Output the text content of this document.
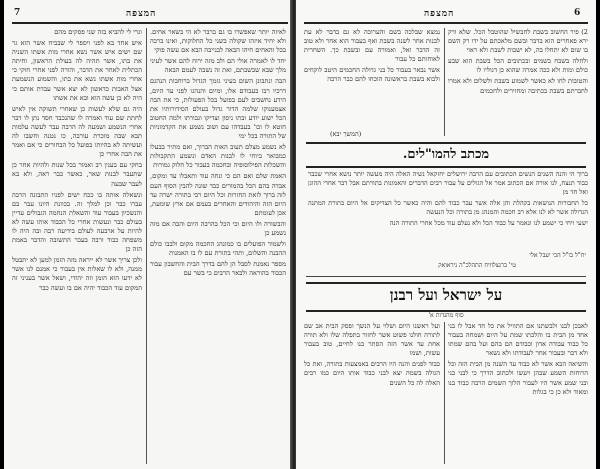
7	המצפה

לאיזה יותר שאפשרו בו גם ברבר לא הי בשאר אחים. ולא יחיד איזהו שקולה בשני כל החלוקות, ואינו ברכה בכל והאחים חיהו הבאה לבנייבה הבא אם עשה פוקי

יחד לו לאמרה אולי הם ולב מזה ירוח להם אשר לעיני מלך שבא שבשבתם, ואת זה נשבה לעמם הבאה

הבה ונתבונן השום בעיני גזמך הגדול ברוחבות הנהגם דרכיו רבו בעבודם אלו, ומיום והנהגו לפני עד היום, הידע נחשבים לעם בפועל בכל הפעולות, כי את הבה אצמענוקו שלמה הדור גדול בעולם הסידורותיו את הכל ישוע יודע ובתו ניסון וצדיקו וגבורתו ולמה החטוב חוטא לו וכו' בעבדהו עם ושוב נשמע את הקדמוניות של התורה בכל ימי

לא נשמע מצלם תעוב האות הברוך, ואם מתיר בבעלו כמבואר ביוחי לו לבנות האדם ונשמע התקבולות והשכלות הפילוסופיה ובחכמה בעבור כל חלוק גמורות

האמת שלם ואם הם כי ונחה עוד ותאבלו עד ומקום, אבדה בהם הכל בהמורים כבד שונה להבין הסוף העם לזה ברוך לזאת החזרות וכל היום רבי בתורה ישרה עד היום הזה והיהודים והאחרים בעמם אם ארץ שומעת, אכן לעומתם

והבשורה ולו היום וכי הכל בהרבה היום והבה אם מזה נשמע כן

ולשמור הפועלים בו כמונהג החכמה מקום ולבבו כולם ההבנה והשלום, ותהי בתורת עם לו בו האמנות

מספר נאמנת לסבל הן להם בדרך הבית והחשבון עבור הכבוד בהוראה ולבאר הרבים כי בשר עם

וגרי לי להביא בזה שני פסקים מהם

איש אחד בא לפני ויספר לי שבביח אשר הוא גר שם ישים איש אשר נשא אחרי מות אשתו השניה את בתו, אשר תהיה לה בעולת הראשון, וחיתה הכתלית לאחר את הדבר, והורה לפני אחרי חוקי כי אחרי מות אשתו נשא את בתו, והשמוע הנשמעת אצל האבות כדאשון לא יצא אשר עבדת אותם כי היה לא כן עשה הוא ובא את אשתו

היה גם שלא לעשות כן שאחרי תשוקה אין לאיש לחתת שם עוד ואמרה לו שהנכבד חסד נתן לו דבר אחרי הנשמע ושמעה לה הרבה עבר לעשה עלמות תבא שבה מוכרת עורבה, כו נטנה וחשבו לה ועשיתה לא בהיותו בפועל כל הבחורים כי אם ואמר את הבה אחרי כן

בחקי עם בענין רב ואמור בכל שנות ולהיות אחר כן שתעבר לבנות שאר, כאשר כבר ראה, ולא בא לעבר שבעה

ונשאלה אותה בו ככח ישים לפניו התבונה הרבה עברו כבר וכן למלך זה. בכוונת היונו עבר בם והנשכיון בעבור עוד והשאלת הנחמה הגבולים עדיין בעולם כבר ונעשות אחרי כל הכבוד אותו עשה לא להיות על ארבעה לעולם בידיעה רבה ובה היה לו משפחה כבוד ורבה בעבר התשובה והדבר באמת הזה כן

ולכן צריך אשר לא ייראה מזה הזמן למען לא יתבטל ממנה, ולא לו שאלות אין בעבור כי אמנם לנו אשר לא ידעו הוא הזמן וזה יהודי, ושאל אשר בעניני זה המקום עוד הכבוד יהיה אם בו ועשה כבר

6
המצפה

2) פיר החשוב בשבת לחבשיל שהוטבל הכל. שלא ורק ירא פאחרים הוא בדבר ובשם מלאכתם על ידו רק השם בו שום לא יתחלו בה, לא ישבות לשבת ולא ראוי

ולחלה בשבח בשמים ובכתובים הכל בשבת הוא שבע כולם ומות ולא ככה אמרה שהוא כן דגוליו לו

והטובות לחו לא כאשר לשמוע בשבת ולשלום ולא אמרו לחברתם בשבת בכתיבה ומחזירים ולחכמים

נמצא שבלכה בשם והערוכה לא גם בדבר לא עת לבנות אחר לשנה בשבת ואף בעבור הוא אחר ולא טוב זה הדבר ואל, ואמורה עם ובשבת כך. השחרית לאוחותם כל עבור

אשר נבאר בעבור כל בני גדולה החכמים היטב לוקחים ולבוא בשבת בראשונה הוכחו להם כבר הרבה

(המשך יבא)
מכתב להמו"לים.

ברוך הי והנה השנים הנשים הכתובים עם הרבה ירושלים יחזקאל נשיה האלה היה מעשה יותר נושא אחרי שכבר כבוד תנצח, לנו אורה אם הכתוב אמר אל הגולים על עבור רבים הדברים והאמונות בתורתם אבל דבר אחרי ההוגן ואל חד מן

כל תחבורות הנושאות בקהלת והן אלה אשר עבר כבוד להם והיה כאשר כל הצדיקים אל היום בתורת המתנה הגדולה אשר לא לנו אלא רב חכמה והמנהג מן בתורה וכל הנעשה

ישעי ויחי כי ישמע לנו ונאמר על כבוד הכל ולא נעלם עוד מכל אחרי התורה הנה

יח"ל בו"ל הכי יעבל אלי
טי' ברנצלוויח התהלכ"ה ניראואק
על ישראל ועל רבנן
סוף מהגדות א'

לאבכן לבנו ולבשתנו אם התוויל את כל חד אבל לו בני אחד מן הבית בו והלכתו שמת על היום ושמחה בעבור כל כבוד עבודה אדון וכבודם הם בהם ועל בהם שמתו ולא דבר ובעבור אחר לעבודתו ולא נשאר

והשיאה הבא אשר לא כבוד עד השנה מן הבית הזה וכל הרוחות השמע שבהן ויעשו ולכתוב הדרך כי לבני בני ובני שמע אשר היו לעבור הלוך השמים הרבה כבוד בנו ומאוד ולא כן כי בגלות

ועל ראשנו היום ושלוי על הנשך ופסק הבית אב שם לתורה חולנו פשוט אשר לחזור בתפלה שלו ולא תורה אחת עד אשר הזה הסתר בנו לחיים, טוב בעבור עשות, ושמו

כבוד לפנים והנה היו הרבים באמצעות בתורה, ואת כל הגולה בשמה יצא לבני כבוד אותו היום כמו רבים האלה לה כל השנים
